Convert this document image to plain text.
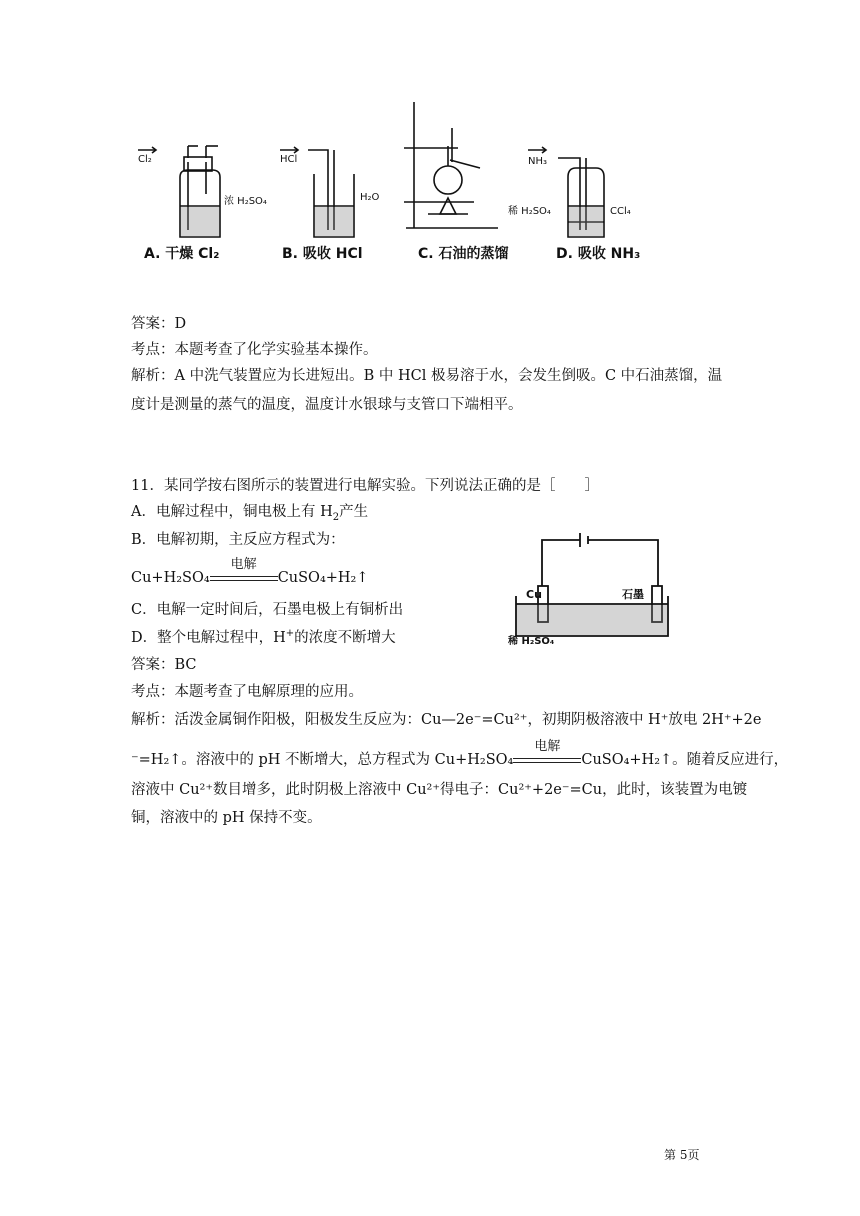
Cl₂
浓 H₂SO₄
HCl
H₂O
NH₃
稀 H₂SO₄	CCl₄
A. 干燥 Cl₂	B. 吸收 HCl	C. 石油的蒸馏	D. 吸收 NH₃
答案：D
考点：本题考查了化学实验基本操作。
解析：A 中洗气装置应为长进短出。B 中 HCl 极易溶于水，会发生倒吸。C 中石油蒸馏，温度计是测量的蒸气的温度，温度计水银球与支管口下端相平。
11．某同学按右图所示的装置进行电解实验。下列说法正确的是［　　］
A．电解过程中，铜电极上有 $H_2$产生
B．电解初期，主反应方程式为：
Cu+H₂SO₄
电解
CuSO₄+H₂↑
C．电解一定时间后，石墨电极上有铜析出
D．整个电解过程中，H+的浓度不断增大
答案：BC
考点：本题考查了电解原理的应用。
Cu	石墨
稀 H₂SO₄
解析：活泼金属铜作阳极，阳极发生反应为：Cu—2e⁻=Cu²⁺，初期阴极溶液中 H⁺放电 2H⁺+2e
⁻=H₂↑。溶液中的 pH 不断增大，总方程式为 Cu+H₂SO₄
电解
CuSO₄+H₂↑。随着反应进行，
溶液中 Cu²⁺数目增多，此时阴极上溶液中 Cu²⁺得电子：Cu²⁺+2e⁻=Cu，此时，该装置为电镀
铜，溶液中的 pH 保持不变。
第 5页
